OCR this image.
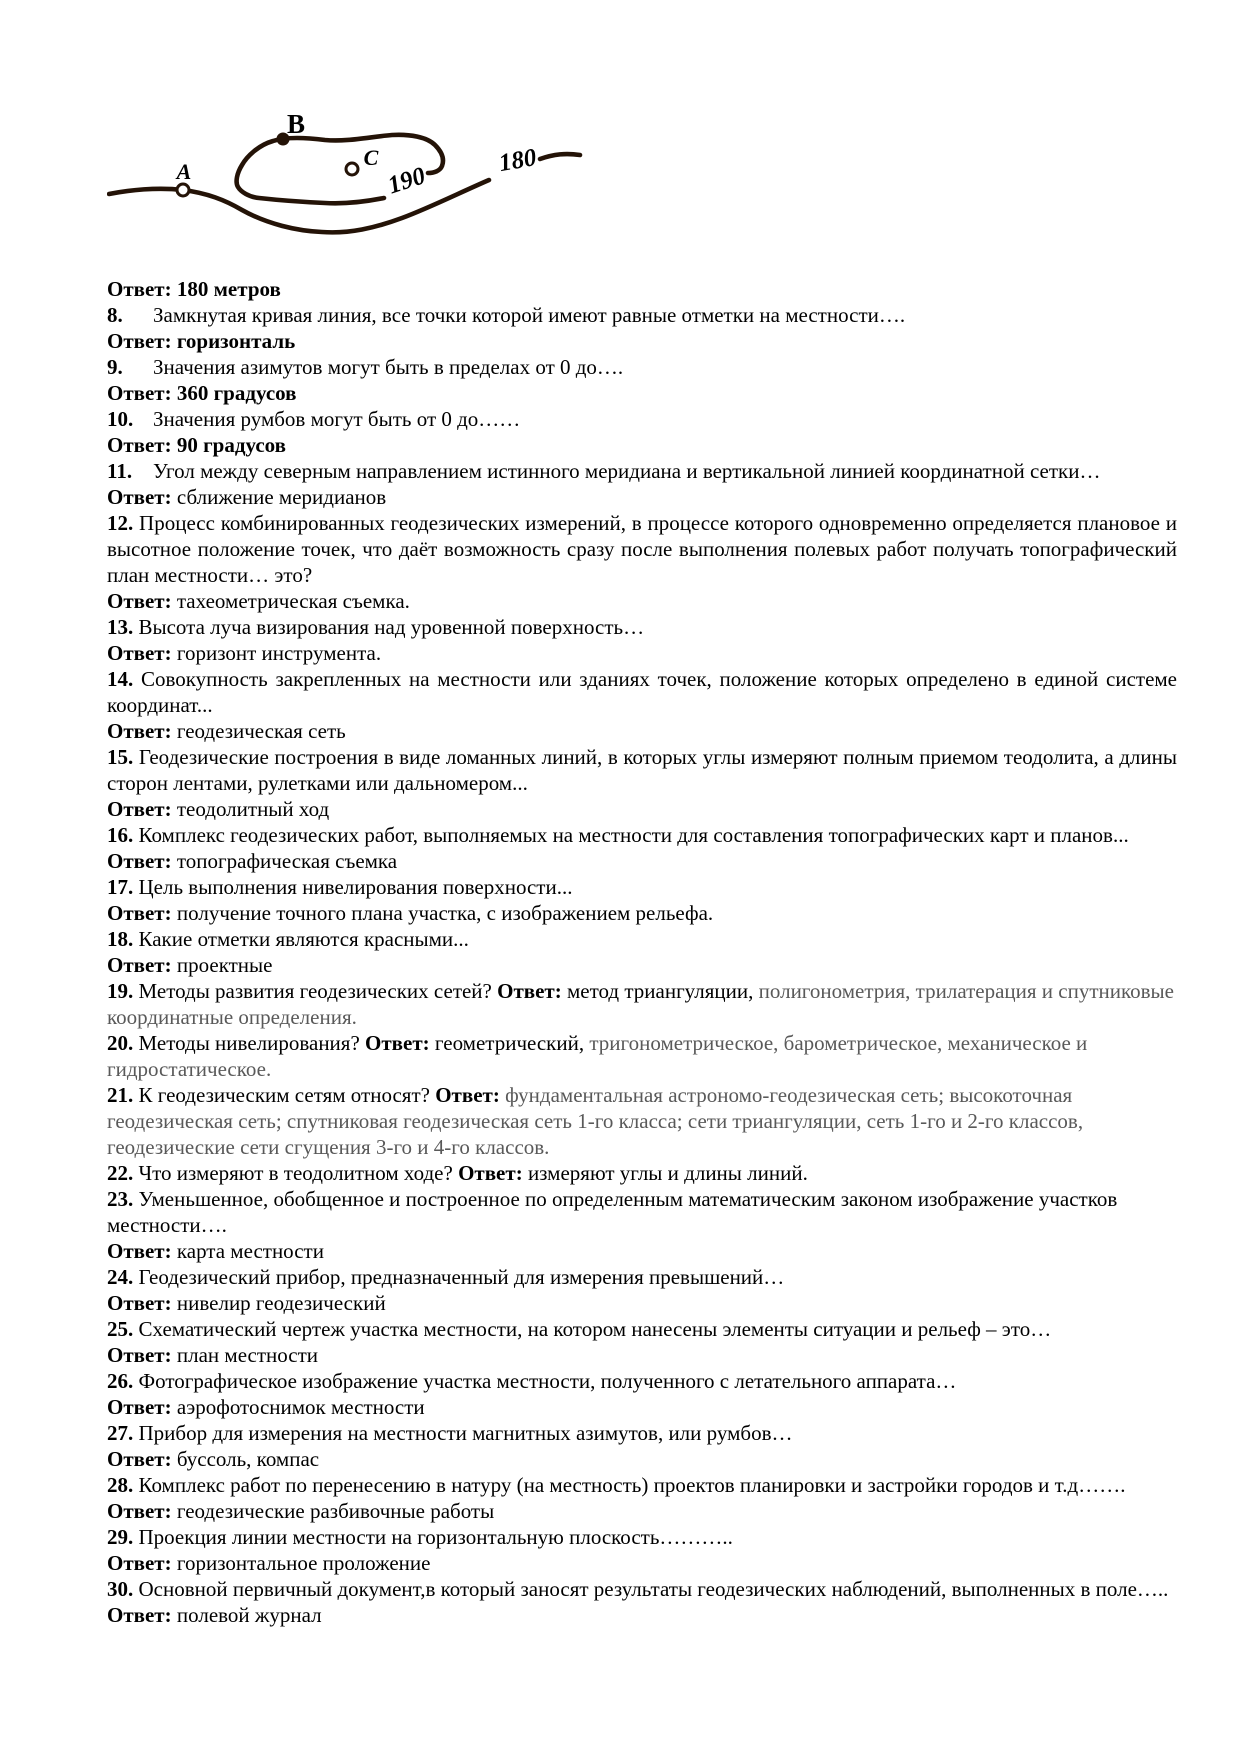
A
B
C
190
180

Ответ: 180 метров

8. Замкнутая кривая линия, все точки которой имеют равные отметки на местности….

Ответ: горизонталь

9. Значения азимутов могут быть в пределах от 0 до….

Ответ: 360 градусов

10. Значения румбов могут быть от 0 до……

Ответ: 90 градусов

11. Угол между северным направлением истинного меридиана и вертикальной линией координатной сетки…

Ответ: сближение меридианов

12. Процесс комбинированных геодезических измерений, в процессе которого одновременно определяется плановое и высотное положение точек, что даёт возможность сразу после выполнения полевых работ получать топографический план местности… это?

Ответ: тахеометрическая съемка.

13. Высота луча визирования над уровенной поверхность…

Ответ: горизонт инструмента.

14. Совокупность закрепленных на местности или зданиях точек, положение которых определено в единой системе координат...

Ответ: геодезическая сеть

15. Геодезические построения в виде ломанных линий, в которых углы измеряют полным приемом теодолита, а длины сторон лентами, рулетками или дальномером...

Ответ: теодолитный ход

16. Комплекс геодезических работ, выполняемых на местности для составления топографических карт и планов...

Ответ: топографическая съемка

17. Цель выполнения нивелирования поверхности...

Ответ: получение точного плана участка, с изображением рельефа.

18. Какие отметки являются красными...

Ответ: проектные

19. Методы развития геодезических сетей? Ответ: метод триангуляции, полигонометрия, трилатерация и спутниковые координатные определения.

20. Методы нивелирования? Ответ: геометрический, тригонометрическое, барометрическое, механическое и гидростатическое.

21. К геодезическим сетям относят? Ответ: фундаментальная астрономо-геодезическая сеть; высокоточная геодезическая сеть; спутниковая геодезическая сеть 1-го класса; сети триангуляции, сеть 1-го и 2-го классов, геодезические сети сгущения 3-го и 4-го классов.

22. Что измеряют в теодолитном ходе? Ответ: измеряют углы и длины линий.

23. Уменьшенное, обобщенное и построенное по определенным математическим законом изображение участков местности….

Ответ: карта местности

24. Геодезический прибор, предназначенный для измерения превышений…

Ответ: нивелир геодезический

25. Схематический чертеж участка местности, на котором нанесены элементы ситуации и рельеф – это…

Ответ: план местности

26. Фотографическое изображение участка местности, полученного с летательного аппарата…

Ответ: аэрофотоснимок местности

27. Прибор для измерения на местности магнитных азимутов, или румбов…

Ответ: буссоль, компас

28. Комплекс работ по перенесению в натуру (на местность) проектов планировки и застройки городов и т.д…….

Ответ: геодезические разбивочные работы

29. Проекция линии местности на горизонтальную плоскость………..

Ответ: горизонтальное проложение

30. Основной первичный документ,в который заносят результаты геодезических наблюдений, выполненных в поле…..

Ответ: полевой журнал
